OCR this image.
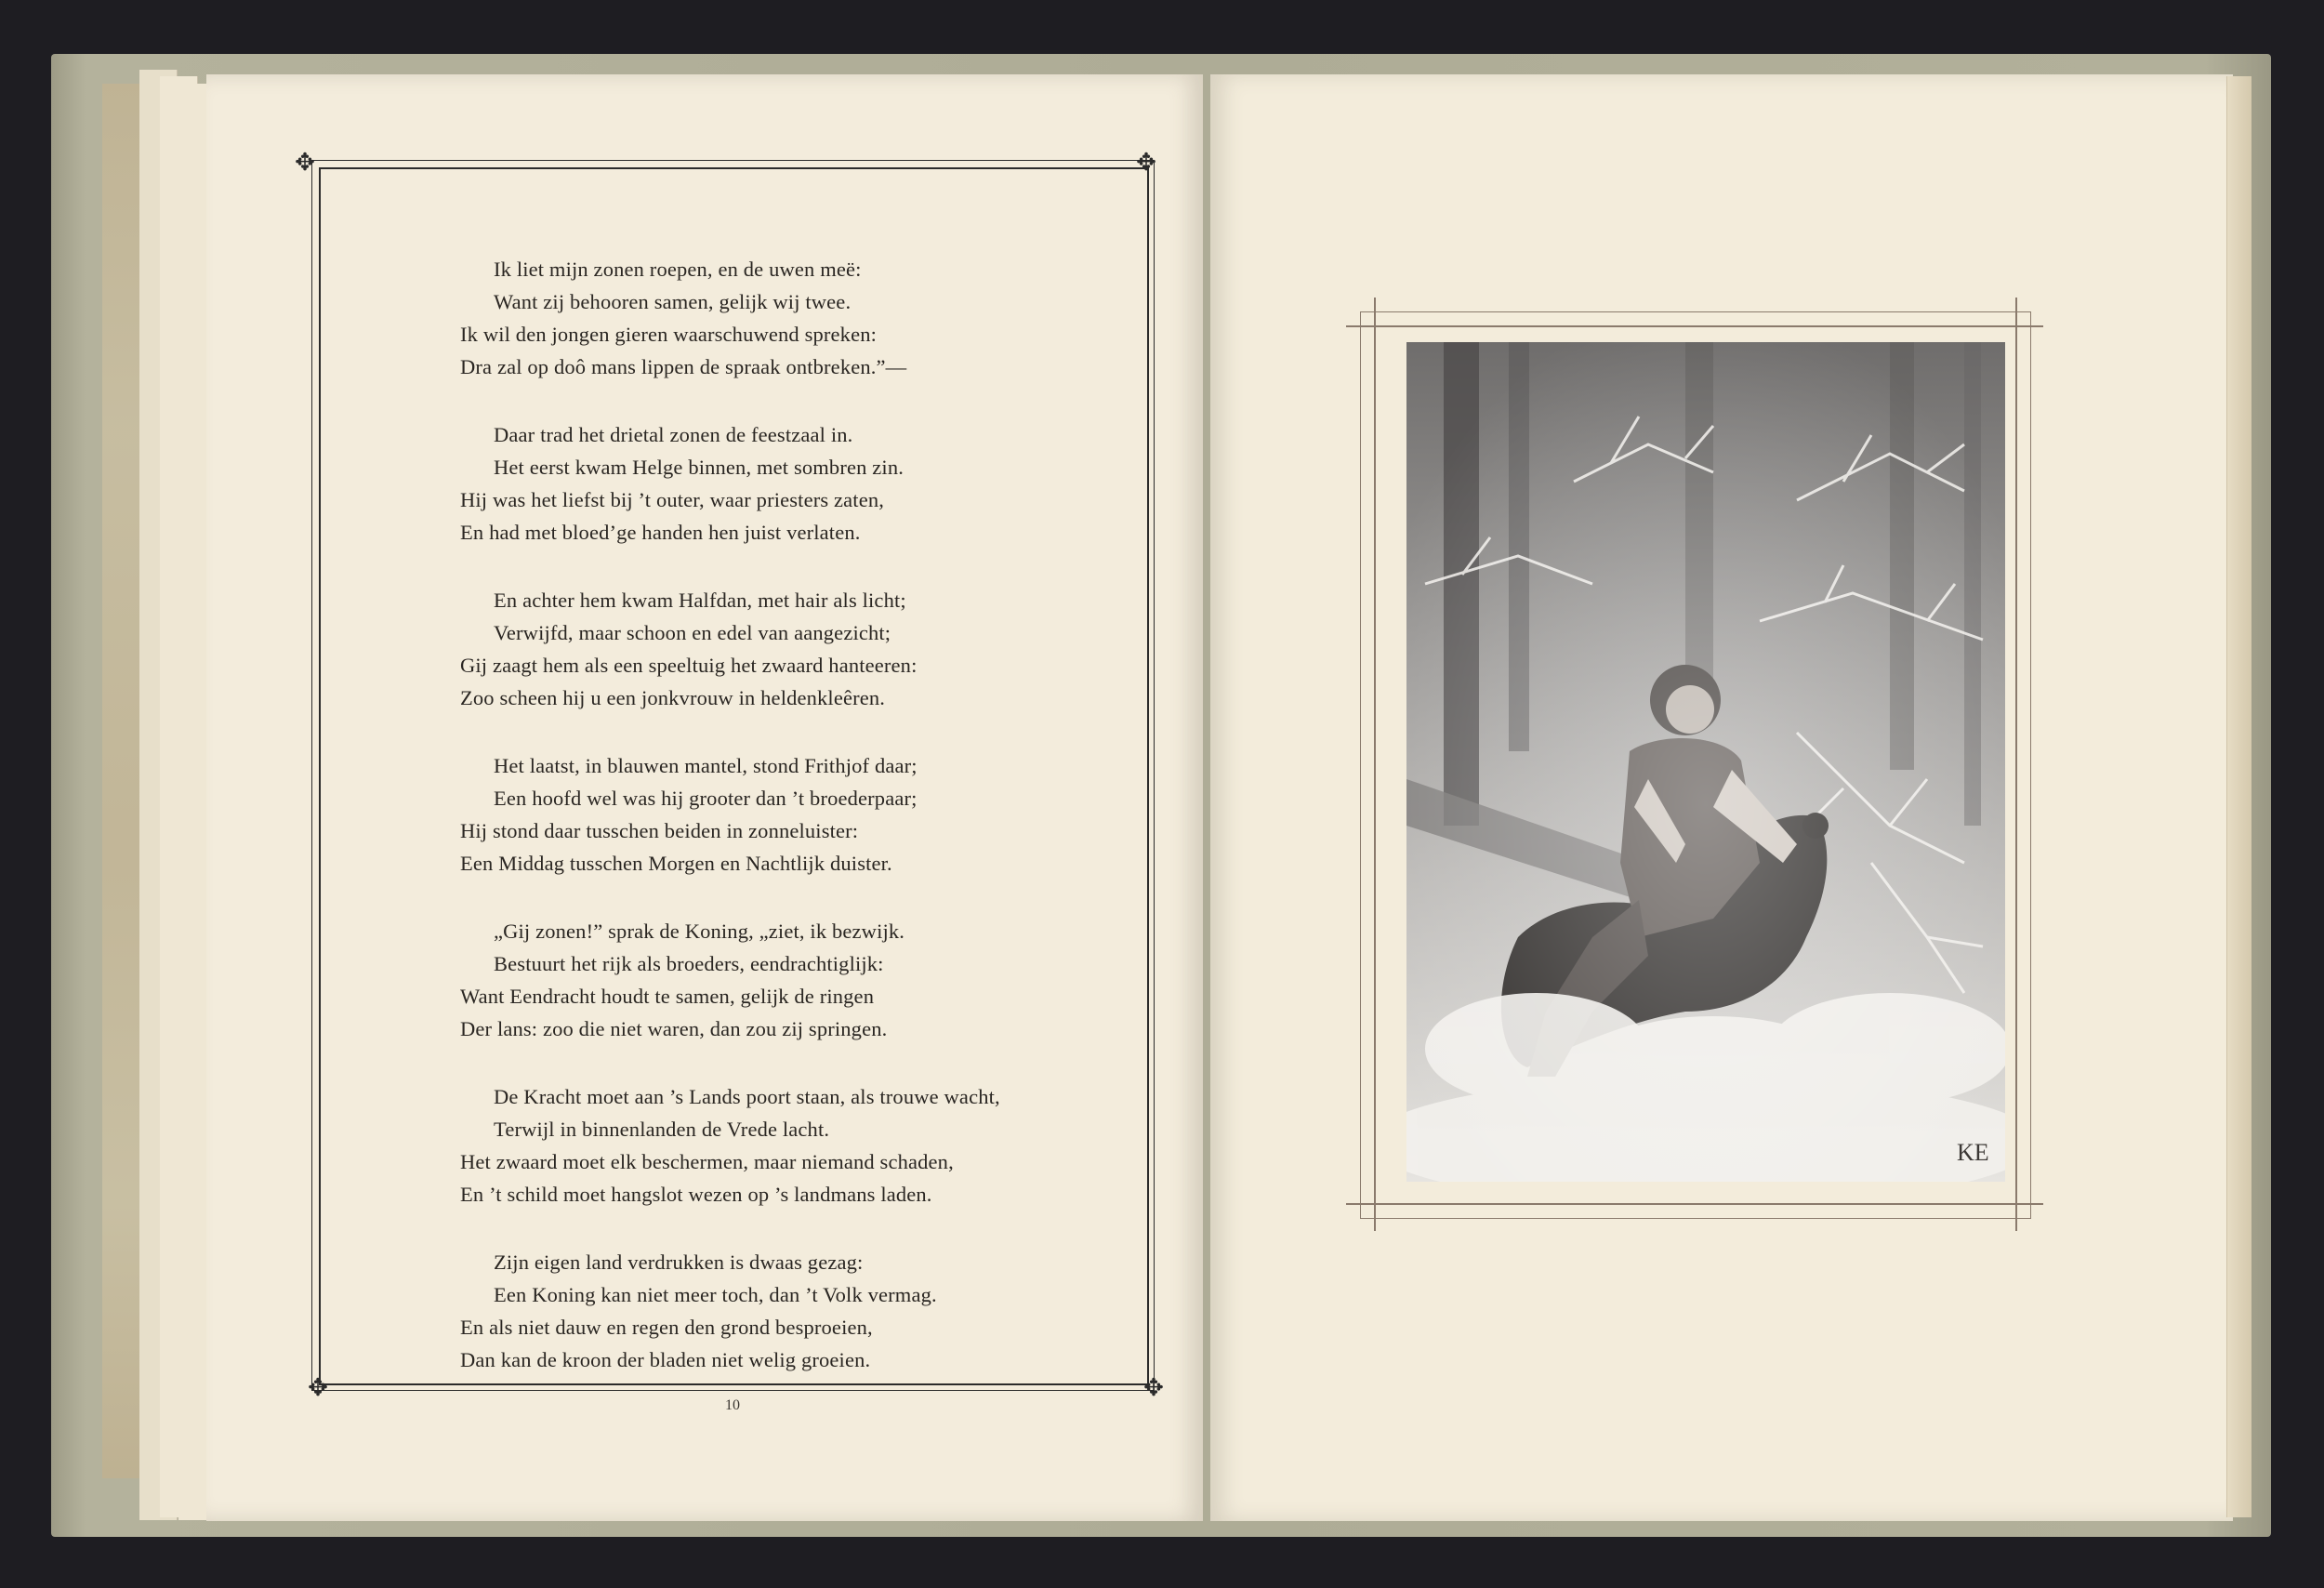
✥	✥
✥	✥
Ik liet mijn zonen roepen, en de uwen meë:
Want zij behooren samen, gelijk wij twee.
Ik wil den jongen gieren waarschuwend spreken:
Dra zal op doô mans lippen de spraak ontbreken.”—
Daar trad het drietal zonen de feestzaal in.
Het eerst kwam Helge binnen, met sombren zin.
Hij was het liefst bij ’t outer, waar priesters zaten,
En had met bloed’ge handen hen juist verlaten.
En achter hem kwam Halfdan, met hair als licht;
Verwijfd, maar schoon en edel van aangezicht;
Gij zaagt hem als een speeltuig het zwaard hanteeren:
Zoo scheen hij u een jonkvrouw in heldenkleêren.
Het laatst, in blauwen mantel, stond Frithjof daar;
Een hoofd wel was hij grooter dan ’t broederpaar;
Hij stond daar tusschen beiden in zonneluister:
Een Middag tusschen Morgen en Nachtlijk duister.
„Gij zonen!” sprak de Koning, „ziet, ik bezwijk.
Bestuurt het rijk als broeders, eendrachtiglijk:
Want Eendracht houdt te samen, gelijk de ringen
Der lans: zoo die niet waren, dan zou zij springen.
De Kracht moet aan ’s Lands poort staan, als trouwe wacht,
Terwijl in binnenlanden de Vrede lacht.
Het zwaard moet elk beschermen, maar niemand schaden,
En ’t schild moet hangslot wezen op ’s landmans laden.
Zijn eigen land verdrukken is dwaas gezag:
Een Koning kan niet meer toch, dan ’t Volk vermag.
En als niet dauw en regen den grond besproeien,
Dan kan de kroon der bladen niet welig groeien.
10
KE
